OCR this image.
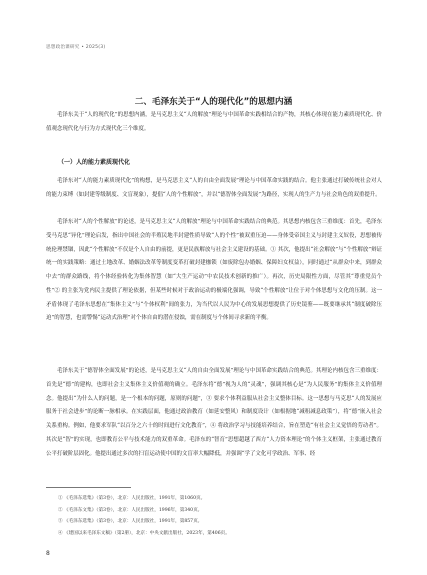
思想政治课研究 • 2025(3)
二、毛泽东关于“人的现代化”的思想内涵

毛泽东关于“人的现代化”的思想内涵，是马克思主义“人的解放”理论与中国革命实践相结合的产物，其核心体现在能力素质现代化、价值观念现代化与行为方式现代化三个维度。

（一）人的能力素质现代化

毛泽东对“人的能力素质现代化”的构想，是马克思主义“人的自由全面发展”理论与中国革命实践的结合。他主张通过打破传统社会对人的能力束缚（如封建等级制度、文盲现象），提倡“人的个性解放”，并以“德智体全面发展”为路径，实现人的生产力与社会角色的双重提升。

毛泽东对“人的个性解放”的论述，是马克思主义“人的解放”理论与中国革命实践结合的典范。其思想内核包含三重维度：首先，毛泽东受马克思“异化”理论启发，指出中国社会的半殖民地半封建性质导致“人的个性”被双重压迫——身体受帝国主义与封建主义奴役，思想被传统伦理禁锢，因此“个性解放”不仅是个人自由的前提，更是民族解放与社会主义建设的基础。① 其次，他提出“社会解放”与“个性解放”辩证统一的实践策略：通过土地改革、婚姻法改革等制度变革打破封建枷锁（如废除包办婚姻、保障妇女权益），同时通过“从群众中来，到群众中去”的群众路线，将个体经验转化为集体智慧（如“大生产运动”中农民技术创新的推广）。再次，历史局限性方面，尽管其“尊重党员个性”② 的主张为党内民主提供了理论依据，但某些时候对于政治运动的极端化强调，导致“个性解放”让位于对个体思想与文化的压制。这一矛盾体现了毛泽东思想在“集体主义”与“个体权利”间的张力，为当代以人民为中心的发展思想提供了历史镜鉴——既要继承其“制度破除压迫”的智慧，也需警惕“运动式治理”对个体自由的潜在侵蚀，需在制度与个体间寻求新的平衡。

毛泽东关于“德智体全面发展”的论述，是马克思主义“人的自由全面发展”理论与中国革命实践结合的典范。其理论内核包含三重维度：首先是“德”的建构，也即社会主义集体主义价值观的确立。毛泽东将“德”视为人的“灵魂”，强调其核心是“为人民服务”的集体主义价值理念。他提出“为什么人的问题，是一个根本的问题，原则的问题”，③ 要求个体利益服从社会主义整体目标。这一思想与马克思“人的发展应服务于社会进步”的论断一脉相承。在实践层面，他通过政治教育（如延安整风）和制度设计（如根据地“减租减息政策”），将“德”嵌入社会关系重构。例如，他要求军队“以百分之六十的时间进行文化教育”，④ 将政治学习与技能培养结合，旨在塑造“有社会主义觉悟的劳动者”。其次是“智”的实现，也即教育公平与技术能力的双重革命。毛泽东的“智育”思想超越了西方“人力资本理论”的个体主义框架，主张通过教育公平打破阶层固化。他提出通过多次的扫盲运动使中国的文盲率大幅降低，并强调“学了文化可学政治、军事、经

① 《毛泽东选集》（第3卷），北京：人民出版社，1991年，第1060页。
② 《毛泽东文集》（第3卷），北京：人民出版社，1996年，第340页。
③ 《毛泽东选集》（第3卷），北京：人民出版社，1991年，第857页。
④ 《建国以来毛泽东文稿》（第2册），北京：中央文献出版社，2023年，第406页。
8
